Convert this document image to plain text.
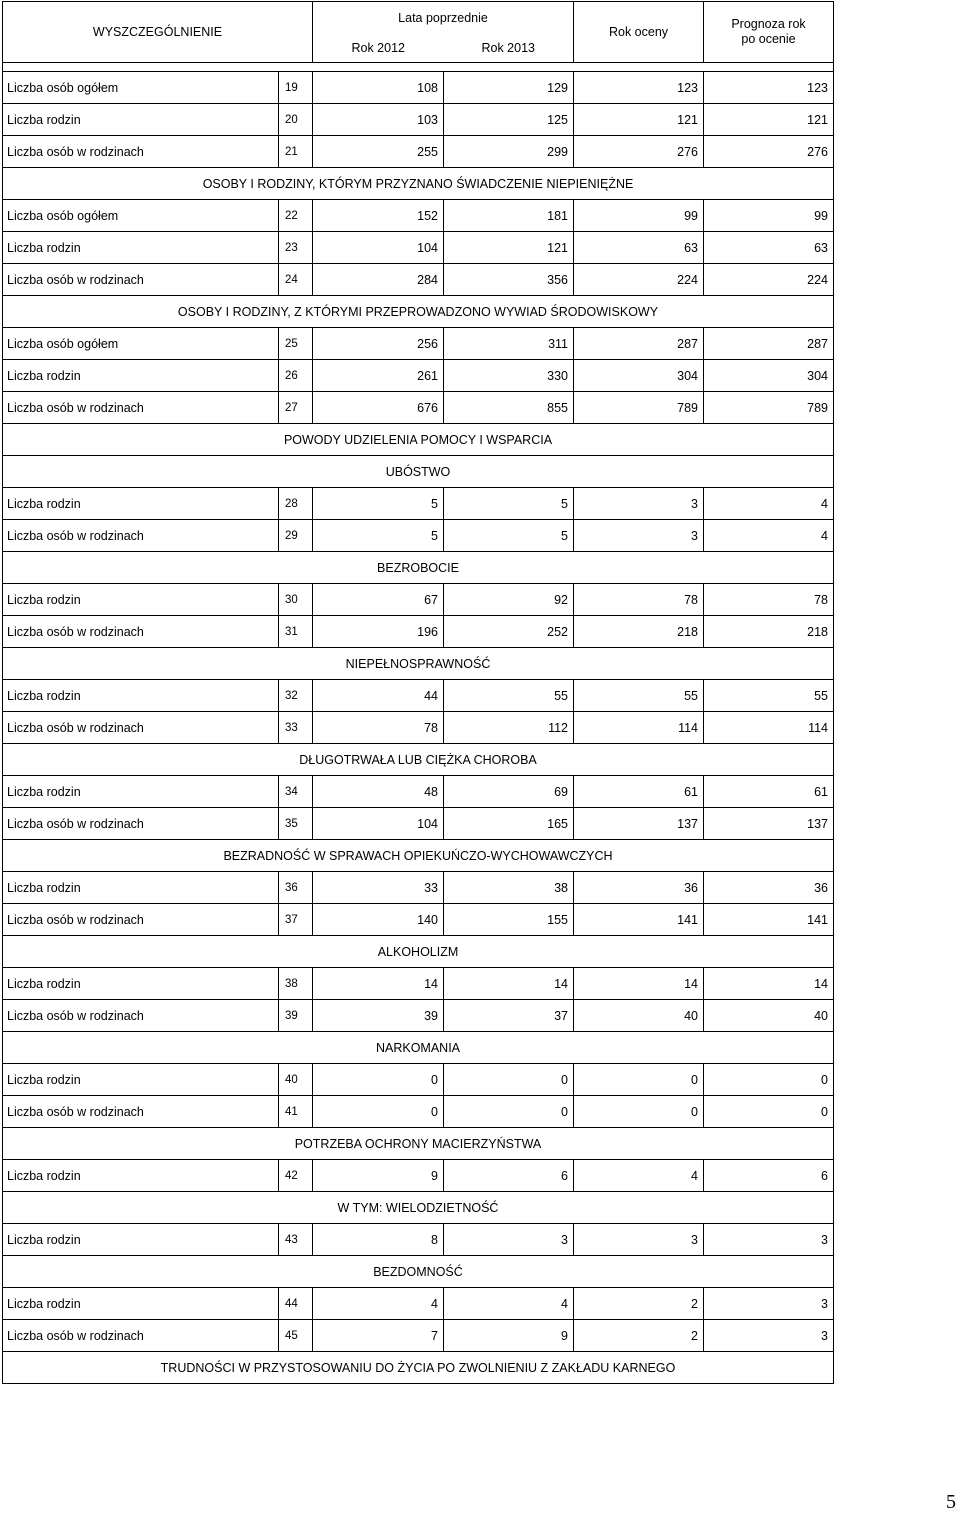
WYSZCZEGÓLNIENIE		Lata poprzednie		Rok oceny	Prognoza rok
po ocenie
		Rok 2012	Rok 2013		

Liczba osób ogółem	19	108	129	123	123
Liczba rodzin	20	103	125	121	121
Liczba osób w rodzinach	21	255	299	276	276
OSOBY I RODZINY, KTÓRYM PRZYZNANO ŚWIADCZENIE NIEPIENIĘŻNE					
Liczba osób ogółem	22	152	181	99	99
Liczba rodzin	23	104	121	63	63
Liczba osób w rodzinach	24	284	356	224	224
OSOBY I RODZINY, Z KTÓRYMI PRZEPROWADZONO WYWIAD ŚRODOWISKOWY					
Liczba osób ogółem	25	256	311	287	287
Liczba rodzin	26	261	330	304	304
Liczba osób w rodzinach	27	676	855	789	789
POWODY UDZIELENIA POMOCY I WSPARCIA					
UBÓSTWO					
Liczba rodzin	28	5	5	3	4
Liczba osób w rodzinach	29	5	5	3	4
BEZROBOCIE					
Liczba rodzin	30	67	92	78	78
Liczba osób w rodzinach	31	196	252	218	218
NIEPEŁNOSPRAWNOŚĆ					
Liczba rodzin	32	44	55	55	55
Liczba osób w rodzinach	33	78	112	114	114
DŁUGOTRWAŁA LUB CIĘŻKA CHOROBA					
Liczba rodzin	34	48	69	61	61
Liczba osób w rodzinach	35	104	165	137	137
BEZRADNOŚĆ W SPRAWACH OPIEKUŃCZO-WYCHOWAWCZYCH					
Liczba rodzin	36	33	38	36	36
Liczba osób w rodzinach	37	140	155	141	141
ALKOHOLIZM					
Liczba rodzin	38	14	14	14	14
Liczba osób w rodzinach	39	39	37	40	40
NARKOMANIA					
Liczba rodzin	40	0	0	0	0
Liczba osób w rodzinach	41	0	0	0	0
POTRZEBA OCHRONY MACIERZYŃSTWA					
Liczba rodzin	42	9	6	4	6
W TYM: WIELODZIETNOŚĆ					
Liczba rodzin	43	8	3	3	3
BEZDOMNOŚĆ					
Liczba rodzin	44	4	4	2	3
Liczba osób w rodzinach	45	7	9	2	3
TRUDNOŚCI W PRZYSTOSOWANIU DO ŻYCIA PO ZWOLNIENIU Z ZAKŁADU KARNEGO					
5
